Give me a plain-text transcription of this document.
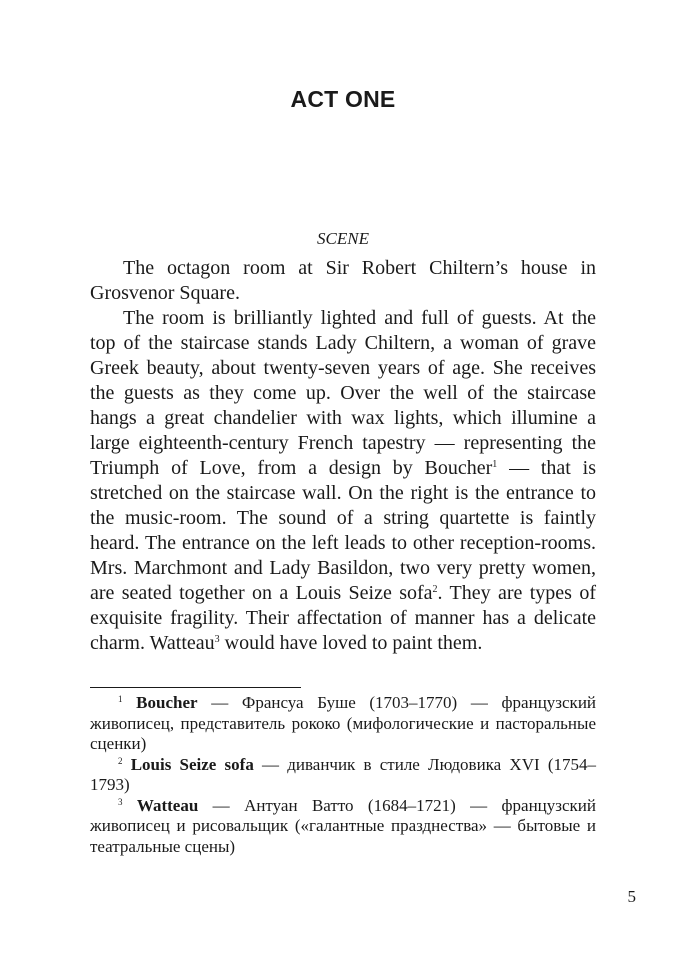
ACT ONE
SCENE

The octagon room at Sir Robert Chiltern’s house in Grosvenor Square.

The room is brilliantly lighted and full of guests. At the top of the staircase stands Lady Chiltern, a woman of grave Greek beauty, about twenty-seven years of age. She receives the guests as they come up. Over the well of the staircase hangs a great chandelier with wax lights, which illumine a large eighteenth-century French tapestry — representing the Triumph of Love, from a design by Boucher$^1$ — that is stretched on the staircase wall. On the right is the entrance to the music-room. The sound of a string quartette is faintly heard. The entrance on the left leads to other reception-rooms. Mrs. Marchmont and Lady Basildon, two very pretty women, are seated together on a Louis Seize sofa$^2$. They are types of exquisite fragility. Their affectation of manner has a delicate charm. Watteau$^3$ would have loved to paint them.

$^1$ Boucher — Франсуа Буше (1703–1770) — французский живописец, представитель рококо (мифологические и пасторальные сценки)

$^2$ Louis Seize sofa — диванчик в стиле Людовика XVI (1754–1793)

$^3$ Watteau — Антуан Ватто (1684–1721) — французский живописец и рисовальщик («галантные празднества» — бытовые и театральные сцены)

5
